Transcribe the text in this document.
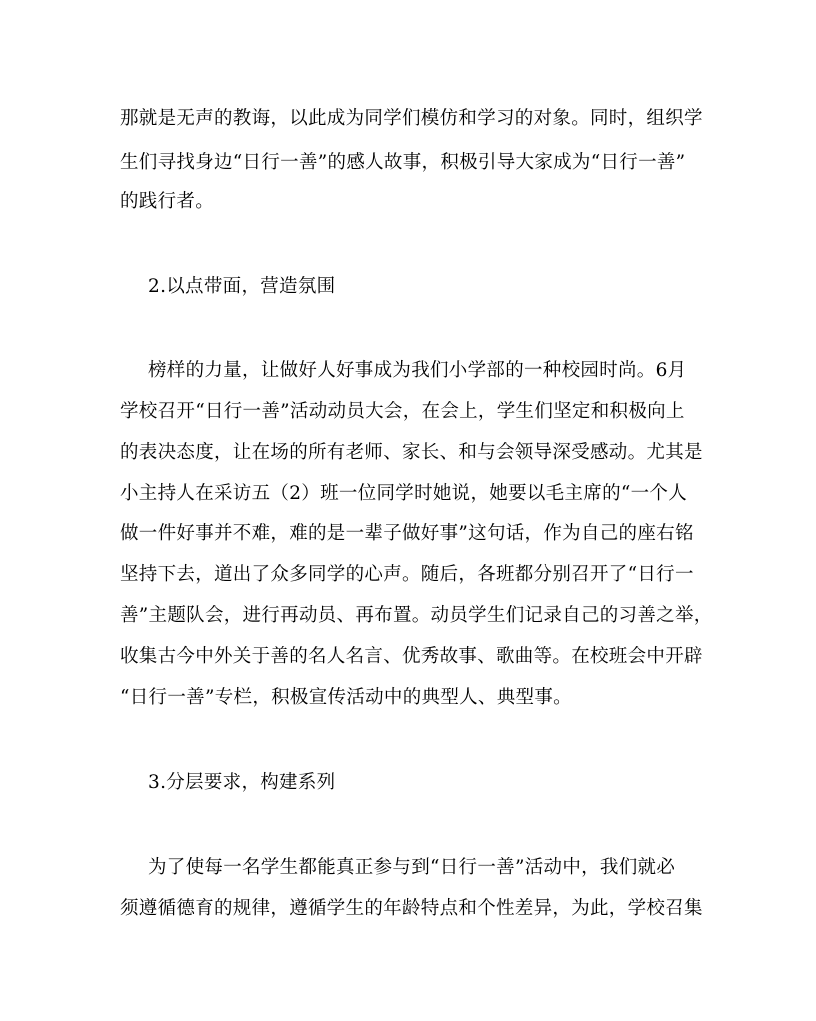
那就是无声的教诲，以此成为同学们模仿和学习的对象。同时，组织学
生们寻找身边“日行一善”的感人故事，积极引导大家成为“日行一善”
的践行者。
2.以点带面，营造氛围
榜样的力量，让做好人好事成为我们小学部的一种校园时尚。6月
学校召开“日行一善”活动动员大会，在会上，学生们坚定和积极向上
的表决态度，让在场的所有老师、家长、和与会领导深受感动。尤其是
小主持人在采访五（2）班一位同学时她说，她要以毛主席的“一个人
做一件好事并不难，难的是一辈子做好事”这句话，作为自己的座右铭
坚持下去，道出了众多同学的心声。随后，各班都分别召开了“日行一
善”主题队会，进行再动员、再布置。动员学生们记录自己的习善之举，
收集古今中外关于善的名人名言、优秀故事、歌曲等。在校班会中开辟
“日行一善”专栏，积极宣传活动中的典型人、典型事。
3.分层要求，构建系列
为了使每一名学生都能真正参与到“日行一善”活动中，我们就必
须遵循德育的规律，遵循学生的年龄特点和个性差异，为此，学校召集
